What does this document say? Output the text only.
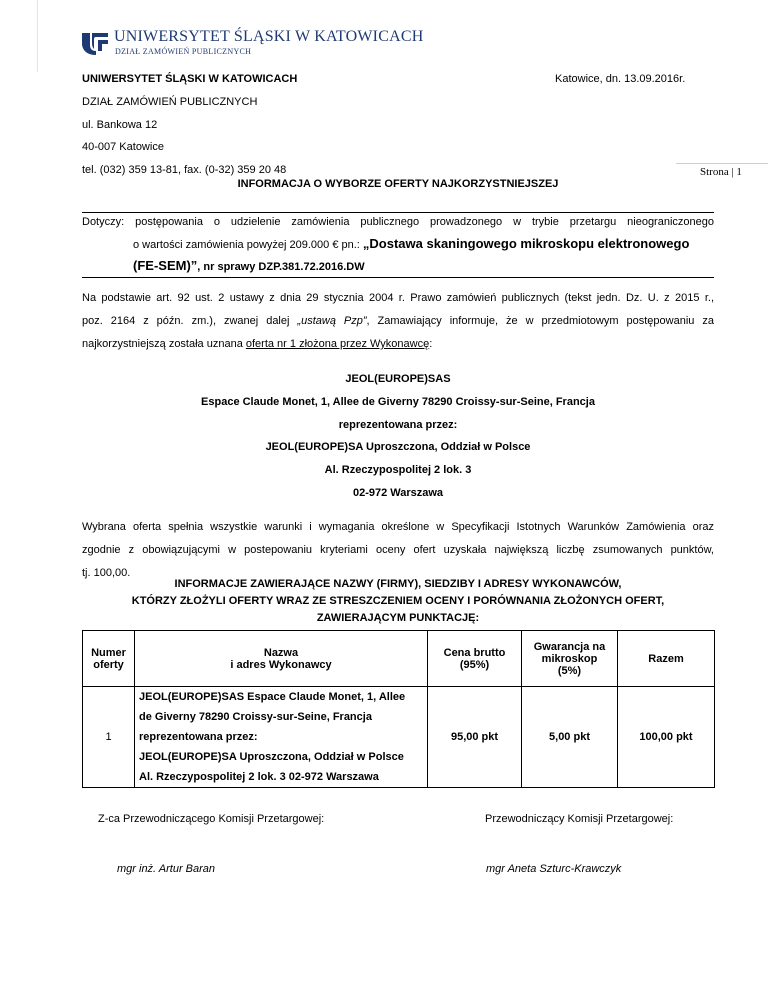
UNIWERSYTET ŚLĄSKI W KATOWICACH
DZIAŁ ZAMÓWIEŃ PUBLICZNYCH
UNIWERSYTET ŚLĄSKI W KATOWICACH	Katowice, dn. 13.09.2016r.
DZIAŁ ZAMÓWIEŃ PUBLICZNYCH
ul. Bankowa 12
40-007 Katowice
tel. (032) 359 13-81, fax. (0-32) 359 20 48	Strona | 1
INFORMACJA O WYBORZE OFERTY NAJKORZYSTNIEJSZEJ
Dotyczy: postępowania o udzielenie zamówienia publicznego prowadzonego w trybie przetargu nieograniczonego
o wartości zamówienia powyżej 209.000 € pn.: „Dostawa skaningowego mikroskopu elektronowego
(FE-SEM)”, nr sprawy DZP.381.72.2016.DW
Na podstawie art. 92 ust. 2 ustawy z dnia 29 stycznia 2004 r. Prawo zamówień publicznych (tekst jedn. Dz. U. z 2015 r.,
poz. 2164 z późn. zm.), zwanej dalej „ustawą Pzp”, Zamawiający informuje, że w przedmiotowym postępowaniu za
najkorzystniejszą została uznana oferta nr 1 złożona przez Wykonawcę:
JEOL(EUROPE)SAS
Espace Claude Monet, 1, Allee de Giverny 78290 Croissy-sur-Seine, Francja
reprezentowana przez:
JEOL(EUROPE)SA Uproszczona, Oddział w Polsce
Al. Rzeczypospolitej 2 lok. 3
02-972 Warszawa
Wybrana oferta spełnia wszystkie warunki i wymagania określone w Specyfikacji Istotnych Warunków Zamówienia oraz
zgodnie z obowiązującymi w postepowaniu kryteriami oceny ofert uzyskała największą liczbę zsumowanych punktów,
tj. 100,00.
INFORMACJE ZAWIERAJĄCE NAZWY (FIRMY), SIEDZIBY I ADRESY WYKONAWCÓW,
KTÓRZY ZŁOŻYLI OFERTY WRAZ ZE STRESZCZENIEM OCENY I PORÓWNANIA ZŁOŻONYCH OFERT,
ZAWIERAJĄCYM PUNKTACJĘ:
Numer
oferty	Nazwa
i adres Wykonawcy	Cena brutto
(95%)	Gwarancja na
mikroskop
(5%)	Razem
1	JEOL(EUROPE)SAS Espace Claude Monet, 1, Allee
de Giverny 78290 Croissy-sur-Seine, Francja
reprezentowana przez:
JEOL(EUROPE)SA Uproszczona, Oddział w Polsce
Al. Rzeczypospolitej 2 lok. 3 02-972 Warszawa	95,00 pkt	5,00 pkt	100,00 pkt
Z-ca Przewodniczącego Komisji Przetargowej:	Przewodniczący Komisji Przetargowej:
mgr inż. Artur Baran	mgr Aneta Szturc-Krawczyk
